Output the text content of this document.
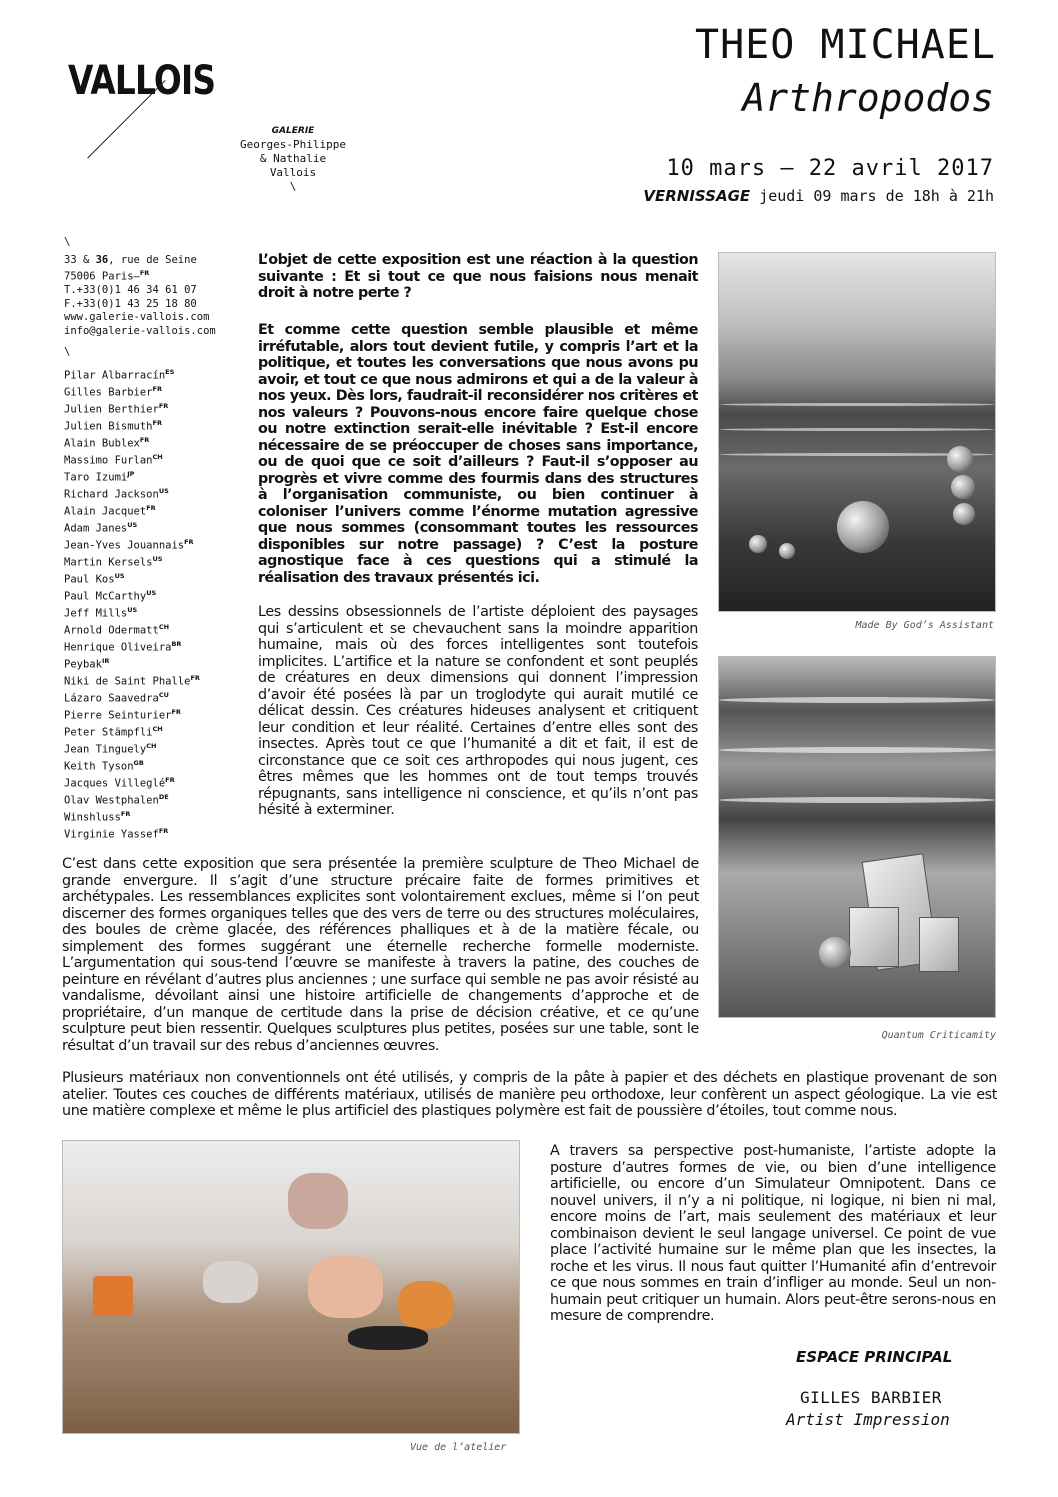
VALLOIS
GALERIE
Georges-Philippe
& Nathalie
Vallois
\
THEO MICHAEL
Arthropodos
10 mars – 22 avril 2017
VERNISSAGE jeudi 09 mars de 18h à 21h
\
33 & 36, rue de Seine
75006 Paris–$^{FR}$
T.+33(0)1 46 34 61 07
F.+33(0)1 43 25 18 80
www.galerie-vallois.com
info@galerie-vallois.com
\
Pilar Albarracín$^{ES}$
Gilles Barbier$^{FR}$
Julien Berthier$^{FR}$
Julien Bismuth$^{FR}$
Alain Bublex$^{FR}$
Massimo Furlan$^{CH}$
Taro Izumi$^{JP}$
Richard Jackson$^{US}$
Alain Jacquet$^{FR}$
Adam Janes$^{US}$
Jean-Yves Jouannais$^{FR}$
Martin Kersels$^{US}$
Paul Kos$^{US}$
Paul McCarthy$^{US}$
Jeff Mills$^{US}$
Arnold Odermatt$^{CH}$
Henrique Oliveira$^{BR}$
Peybak$^{IR}$
Niki de Saint Phalle$^{FR}$
Lázaro Saavedra$^{CU}$
Pierre Seinturier$^{FR}$
Peter Stämpfli$^{CH}$
Jean Tinguely$^{CH}$
Keith Tyson$^{GB}$
Jacques Villeglé$^{FR}$
Olav Westphalen$^{DE}$
Winshluss$^{FR}$
Virginie Yassef$^{FR}$

L’objet de cette exposition est une réaction à la question suivante : Et si tout ce que nous faisions nous menait droit à notre perte ?

Et comme cette question semble plausible et même irréfutable, alors tout devient futile, y compris l’art et la politique, et toutes les conversations que nous avons pu avoir, et tout ce que nous admirons et qui a de la valeur à nos yeux. Dès lors, faudrait-il reconsidérer nos critères et nos valeurs ? Pouvons-nous encore faire quelque chose ou notre extinction serait-elle inévitable ? Est-il encore nécessaire de se préoccuper de choses sans importance, ou de quoi que ce soit d’ailleurs ? Faut-il s’opposer au progrès et vivre comme des fourmis dans des structures à l’organisation communiste, ou bien continuer à coloniser l’univers comme l’énorme mutation agressive que nous sommes (consommant toutes les ressources disponibles sur notre passage) ? C’est la posture agnostique face à ces questions qui a stimulé la réalisation des travaux présentés ici.

Les dessins obsessionnels de l’artiste déploient des paysages qui s’articulent et se chevauchent sans la moindre apparition humaine, mais où des forces intelligentes sont toutefois implicites. L’artifice et la nature se confondent et sont peuplés de créatures en deux dimensions qui donnent l’impression d’avoir été posées là par un troglodyte qui aurait mutilé ce délicat dessin. Ces créatures hideuses analysent et critiquent leur condition et leur réalité. Certaines d’entre elles sont des insectes. Après tout ce que l’humanité a dit et fait, il est de circonstance que ce soit ces arthropodes qui nous jugent, ces êtres mêmes que les hommes ont de tout temps trouvés répugnants, sans intelligence ni conscience, et qu’ils n’ont pas hésité à exterminer.

C’est dans cette exposition que sera présentée la première sculpture de Theo Michael de grande envergure. Il s’agit d’une structure précaire faite de formes primitives et archétypales. Les ressemblances explicites sont volontairement exclues, même si l’on peut discerner des formes organiques telles que des vers de terre ou des structures moléculaires, des boules de crème glacée, des références phalliques et à de la matière fécale, ou simplement des formes suggérant une éternelle recherche formelle moderniste. L’argumentation qui sous-tend l’œuvre se manifeste à travers la patine, des couches de peinture en révélant d’autres plus anciennes ; une surface qui semble ne pas avoir résisté au vandalisme, dévoilant ainsi une histoire artificielle de changements d’approche et de propriétaire, d’un manque de certitude dans la prise de décision créative, et ce qu’une sculpture peut bien ressentir. Quelques sculptures plus petites, posées sur une table, sont le résultat d’un travail sur des rebus d’anciennes œuvres.

Plusieurs matériaux non conventionnels ont été utilisés, y compris de la pâte à papier et des déchets en plastique provenant de son atelier. Toutes ces couches de différents matériaux, utilisés de manière peu orthodoxe, leur confèrent un aspect géologique. La vie est une matière complexe et même le plus artificiel des plastiques polymère est fait de poussière d’étoiles, tout comme nous.

A travers sa perspective post-humaniste, l’artiste adopte la posture d’autres formes de vie, ou bien d’une intelligence artificielle, ou encore d’un Simulateur Omnipotent. Dans ce nouvel univers, il n’y a ni politique, ni logique, ni bien ni mal, encore moins de l’art, mais seulement des matériaux et leur combinaison devient le seul langage universel. Ce point de vue place l’activité humaine sur le même plan que les insectes, la roche et les virus. Il nous faut quitter l’Humanité afin d’entrevoir ce que nous sommes en train d’infliger au monde. Seul un non-humain peut critiquer un humain. Alors peut-être serons-nous en mesure de comprendre.

Made By God’s Assistant
Quantum Criticamity
Vue de l’atelier
ESPACE PRINCIPAL
GILLES BARBIER
Artist Impression
